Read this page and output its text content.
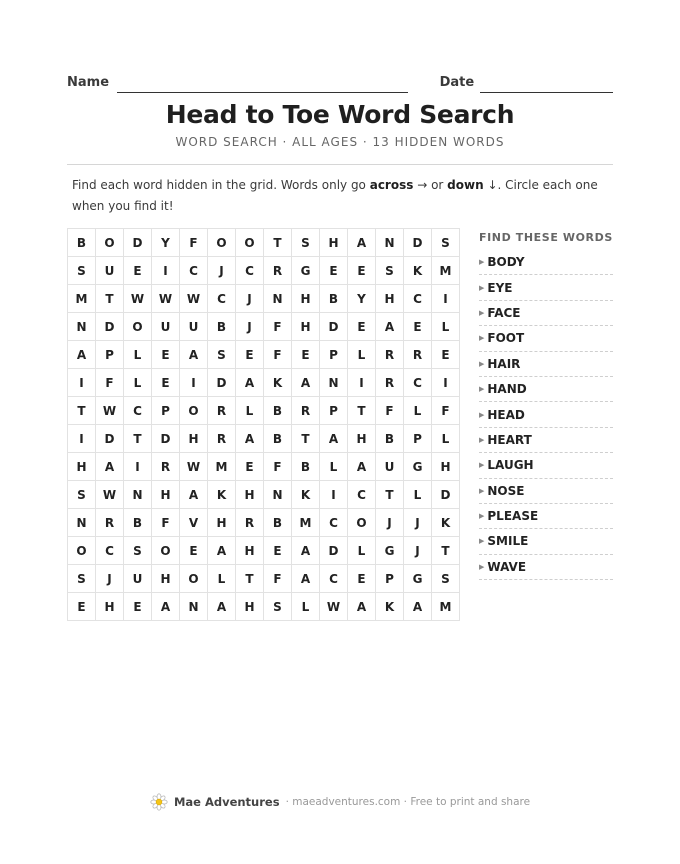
Name	Date
Head to Toe Word Search
WORD SEARCH · ALL AGES · 13 HIDDEN WORDS

Find each word hidden in the grid. Words only go across → or down ↓. Circle each one when you find it!

B	O	D	Y	F	O	O	T	S	H	A	N	D	S
S	U	E	I	C	J	C	R	G	E	E	S	K	M
M	T	W	W	W	C	J	N	H	B	Y	H	C	I
N	D	O	U	U	B	J	F	H	D	E	A	E	L
A	P	L	E	A	S	E	F	E	P	L	R	R	E
I	F	L	E	I	D	A	K	A	N	I	R	C	I
T	W	C	P	O	R	L	B	R	P	T	F	L	F
I	D	T	D	H	R	A	B	T	A	H	B	P	L
H	A	I	R	W	M	E	F	B	L	A	U	G	H
S	W	N	H	A	K	H	N	K	I	C	T	L	D
N	R	B	F	V	H	R	B	M	C	O	J	J	K
O	C	S	O	E	A	H	E	A	D	L	G	J	T
S	J	U	H	O	L	T	F	A	C	E	P	G	S
E	H	E	A	N	A	H	S	L	W	A	K	A	M
FIND THESE WORDS
▶ BODY
▶ EYE
▶ FACE
▶ FOOT
▶ HAIR
▶ HAND
▶ HEAD
▶ HEART
▶ LAUGH
▶ NOSE
▶ PLEASE
▶ SMILE
▶ WAVE
Mae Adventures · maeadventures.com · Free to print and share
